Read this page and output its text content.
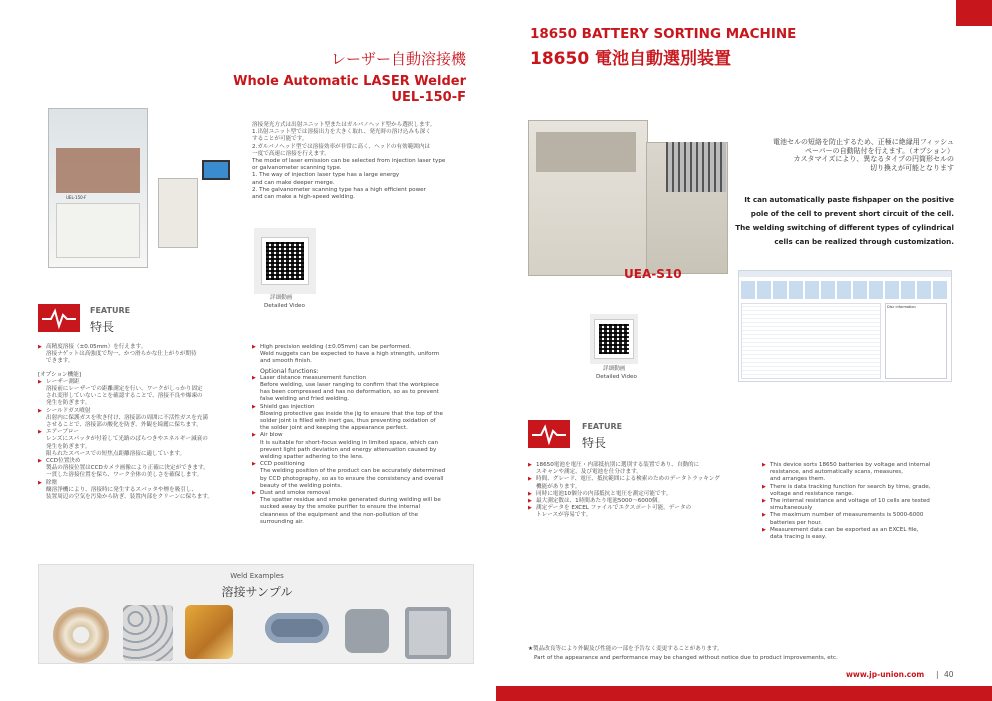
UEL-150-F
レーザー自動溶接機
Whole Automatic LASER Welder
UEL-150-F
溶接発光方式は出射ユニット型またはガルバノヘッド型から選択します。
1.出射ユニット型では溶接出力を大きく取れ、発光時の溶け込みも深く
することが可能です。
2.ガルバノヘッド型では溶接効率が非常に高く、ヘッドの有効範囲内は
一度で高速に溶接を行えます。
The mode of laser emission can be selected from injection laser type
or galvanometer scanning type.
1. The way of injection laser type has a large energy
and can make deeper merge.
2. The galvanometer scanning type has a high efficient power
and can make a high-speed welding.
詳細動画
Detailed Video
FEATURE
特長
▶ 高精度溶接（±0.05mm）を行えます。
溶接ナゲットは高強度で均一、かつ滑らかな仕上がりが期待
できます。
[オプション機能]
▶ レーザー測距
溶接前にレーザーでの距離測定を行い、ワークがしっかり固定
され変形していないことを確認することで、溶接不良や爆凍の
発生を防ぎます。
▶ シールドガス噴射
出射内に保護ガスを吹き付け、溶接部の周囲に不活性ガスを充満
させることで、溶接部の酸化を防ぎ、外観を綺麗に保ちます。
▶ エアーブロー
レンズにスパッタが付着して光路のばらつきやエネルギー減衰の
発生を防ぎます。
限られたスペースでの短焦点距離溶接に適しています。
▶ CCD位置決め
製品の溶接位置はCCDカメラ画像により正確に決定ができます。
一貫した溶接位置を保ち、ワーク全体の美しさを確保します。
▶ 除塵
醸溶浄機により、溶接時に発生するスパッタや煙を吸引し、
装置周辺の空気を汚染から防ぎ、装置内部をクリーンに保ちます。
▶ High precision welding (±0.05mm) can be performed.
Weld nuggets can be expected to have a high strength, uniform
and smooth finish.
Optional functions:
▶ Laser distance measurement function
Before welding, use laser ranging to confirm that the workpiece
has been compressed and has no deformation, so as to prevent
false welding and fried welding.
▶ Shield gas injection
Blowing protective gas inside the jig to ensure that the top of the
solder joint is filled with inert gas, thus preventing oxidation of
the solder joint and keeping the appearance perfect.
▶ Air blow
It is suitable for short-focus welding in limited space, which can
prevent light path deviation and energy attenuation caused by
welding spatter adhering to the lens.
▶ CCD positioning
The welding position of the product can be accurately determined
by CCD photography, so as to ensure the consistency and overall
beauty of the welding points.
▶ Dust and smoke removal
The spatter residue and smoke generated during welding will be
sucked away by the smoke purifier to ensure the internal
cleanness of the equipment and the non-pollution of the
surrounding air.
Weld Examples
溶接サンプル
18650 BATTERY SORTING MACHINE
18650 電池自動選別装置
電池セルの短絡を防止するため、正極に絶縁用フィッシュ
ペーパーの自動貼付を行えます。（オプション）
カスタマイズにより、異なるタイプの円筒形セルの
切り換えが可能となります
It can automatically paste fishpaper on the positive
pole of the cell to prevent short circuit of the cell.
The welding switching of different types of cylindrical
cells can be realized through customization.
UEA-S10
詳細動画
Detailed Video
Disc information
FEATURE
特長
▶ 18650電池を電圧・内部抵抗別に選別する装置であり、自動的に
スキャンや測定、及び電池を仕分けます。
▶ 時間、グレード、電圧、抵抗範囲による検索のためのデータトラッキング
機能があります。
▶ 同時に電池10個分の内部抵抗と電圧を測定可能です。
▶ 最大測定数は、1時間あたり電池5000～6000個。
▶ 測定データを EXCEL ファイルでエクスポート可能。データの
トレースが容易です。
▶ This device sorts 18650 batteries by voltage and internal
resistance, and automatically scans, measures,
and arranges them.
▶ There is data tracking function for search by time, grade,
voltage and resistance range.
▶ The internal resistance and voltage of 10 cells are tested
simultaneously
▶ The maximum number of measurements is 5000-6000
batteries per hour.
▶ Measurement data can be exported as an EXCEL file,
data tracing is easy.
★製品改良等により外観及び性能の一部を予告なく変更することがあります。
Part of the appearance and performance may be changed without notice due to product improvements, etc.
www.jp-union.com | 40
